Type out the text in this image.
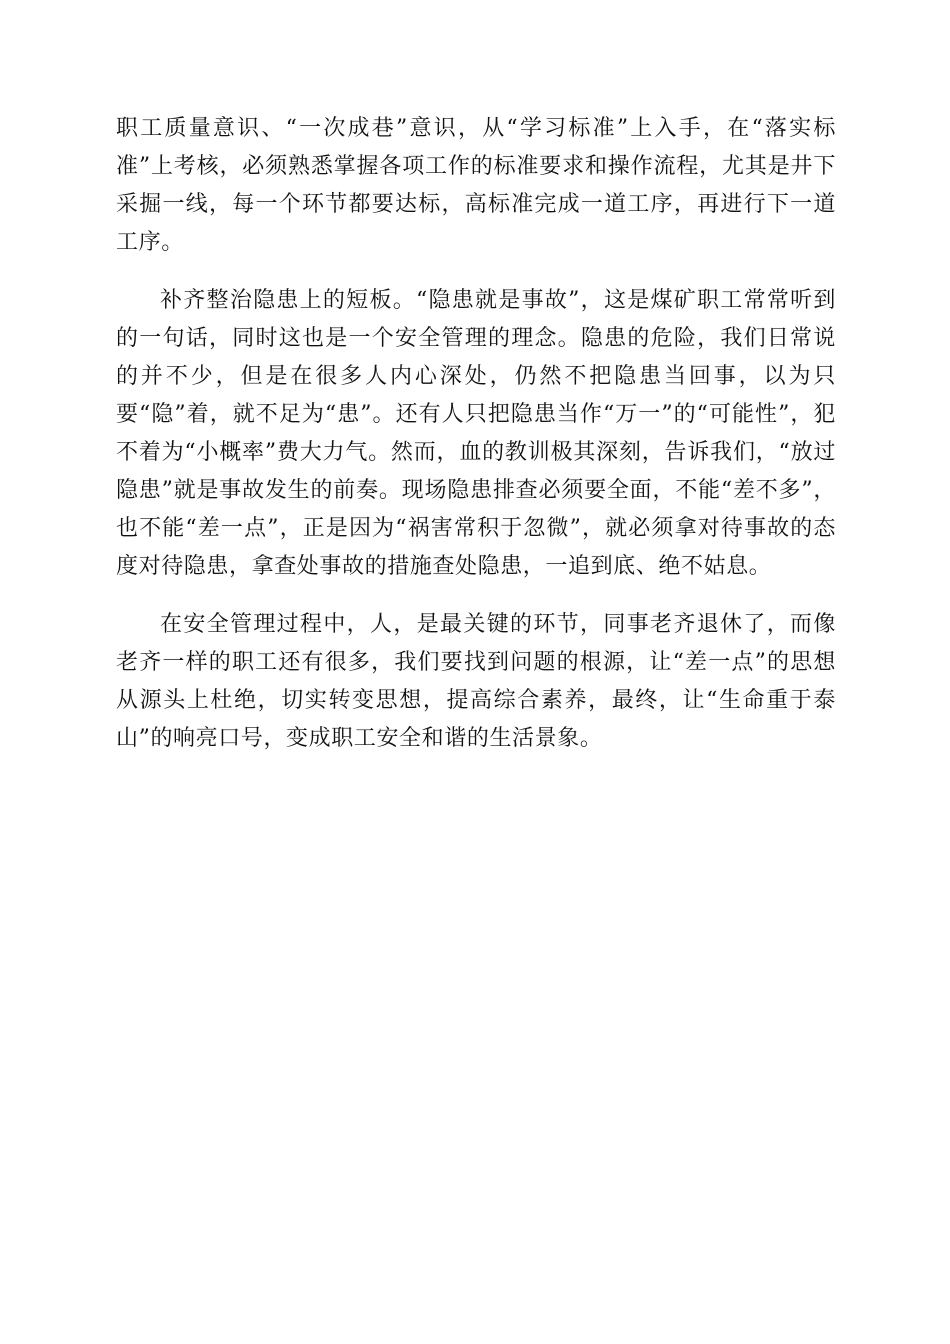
职工质量意识、“一次成巷”意识，从“学习标准”上入手，在“落实标准”上考核，必须熟悉掌握各项工作的标准要求和操作流程，尤其是井下采掘一线，每一个环节都要达标，高标准完成一道工序，再进行下一道工序。

补齐整治隐患上的短板。“隐患就是事故”，这是煤矿职工常常听到的一句话，同时这也是一个安全管理的理念。隐患的危险，我们日常说的并不少，但是在很多人内心深处，仍然不把隐患当回事，以为只要“隐”着，就不足为“患”。还有人只把隐患当作“万一”的“可能性”，犯不着为“小概率”费大力气。然而，血的教训极其深刻，告诉我们，“放过隐患”就是事故发生的前奏。现场隐患排查必须要全面，不能“差不多”，也不能“差一点”，正是因为“祸害常积于忽微”，就必须拿对待事故的态度对待隐患，拿查处事故的措施查处隐患，一追到底、绝不姑息。

在安全管理过程中，人，是最关键的环节，同事老齐退休了，而像老齐一样的职工还有很多，我们要找到问题的根源，让“差一点”的思想从源头上杜绝，切实转变思想，提高综合素养，最终，让“生命重于泰山”的响亮口号，变成职工安全和谐的生活景象。
